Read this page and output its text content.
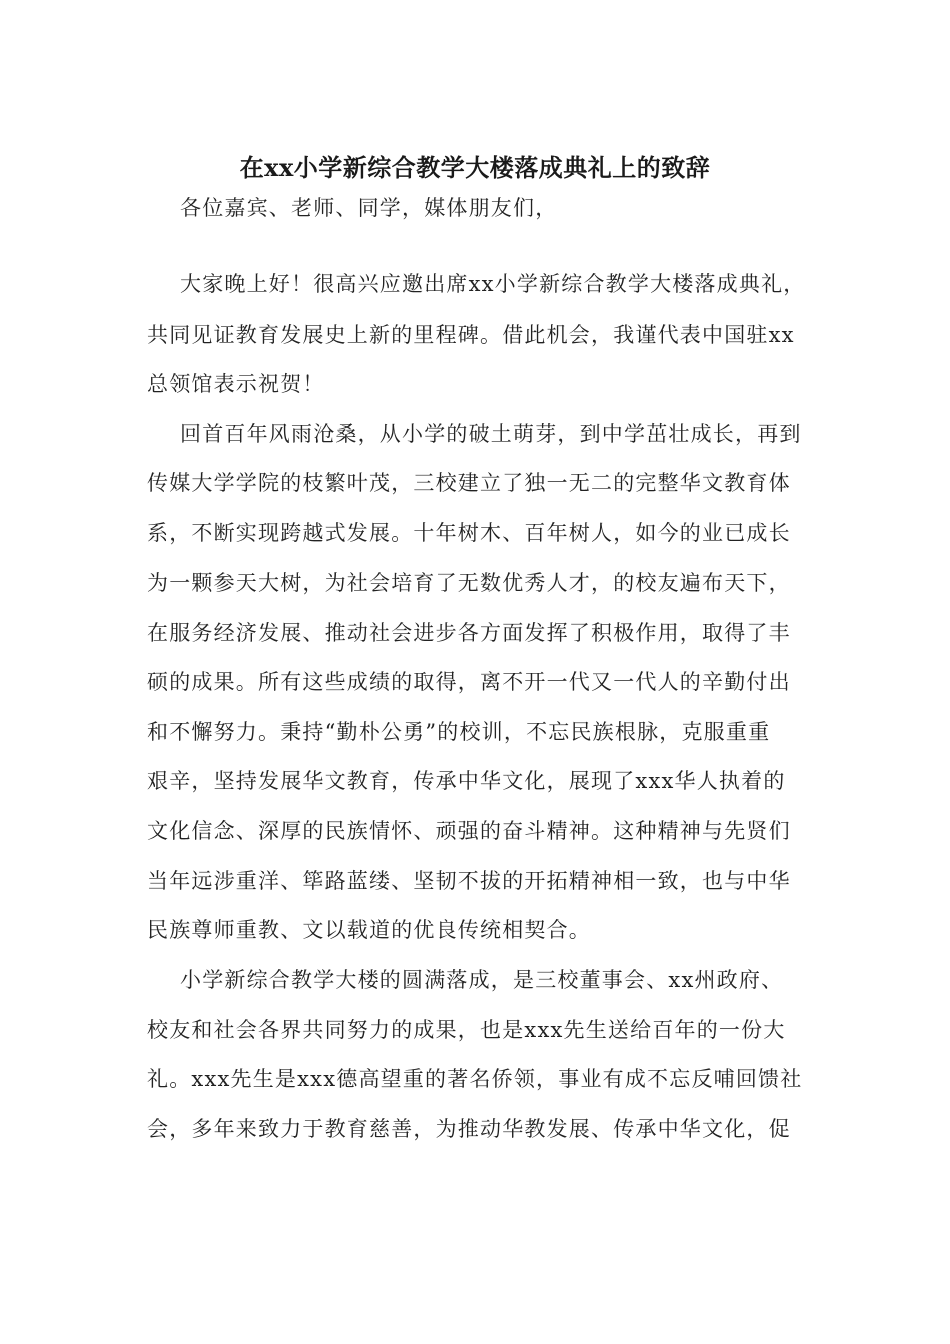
在xx小学新综合教学大楼落成典礼上的致辞
各位嘉宾、老师、同学，媒体朋友们，
大家晚上好！很高兴应邀出席xx小学新综合教学大楼落成典礼，
共同见证教育发展史上新的里程碑。借此机会，我谨代表中国驻xx
总领馆表示祝贺！
回首百年风雨沧桑，从小学的破土萌芽，到中学茁壮成长，再到
传媒大学学院的枝繁叶茂，三校建立了独一无二的完整华文教育体
系，不断实现跨越式发展。十年树木、百年树人，如今的业已成长
为一颗参天大树，为社会培育了无数优秀人才，的校友遍布天下，
在服务经济发展、推动社会进步各方面发挥了积极作用，取得了丰
硕的成果。所有这些成绩的取得，离不开一代又一代人的辛勤付出
和不懈努力。秉持“勤朴公勇”的校训，不忘民族根脉，克服重重
艰辛，坚持发展华文教育，传承中华文化，展现了xxx华人执着的
文化信念、深厚的民族情怀、顽强的奋斗精神。这种精神与先贤们
当年远涉重洋、筚路蓝缕、坚韧不拔的开拓精神相一致，也与中华
民族尊师重教、文以载道的优良传统相契合。
小学新综合教学大楼的圆满落成，是三校董事会、xx州政府、
校友和社会各界共同努力的成果，也是xxx先生送给百年的一份大
礼。xxx先生是xxx德高望重的著名侨领，事业有成不忘反哺回馈社
会，多年来致力于教育慈善，为推动华教发展、传承中华文化，促
